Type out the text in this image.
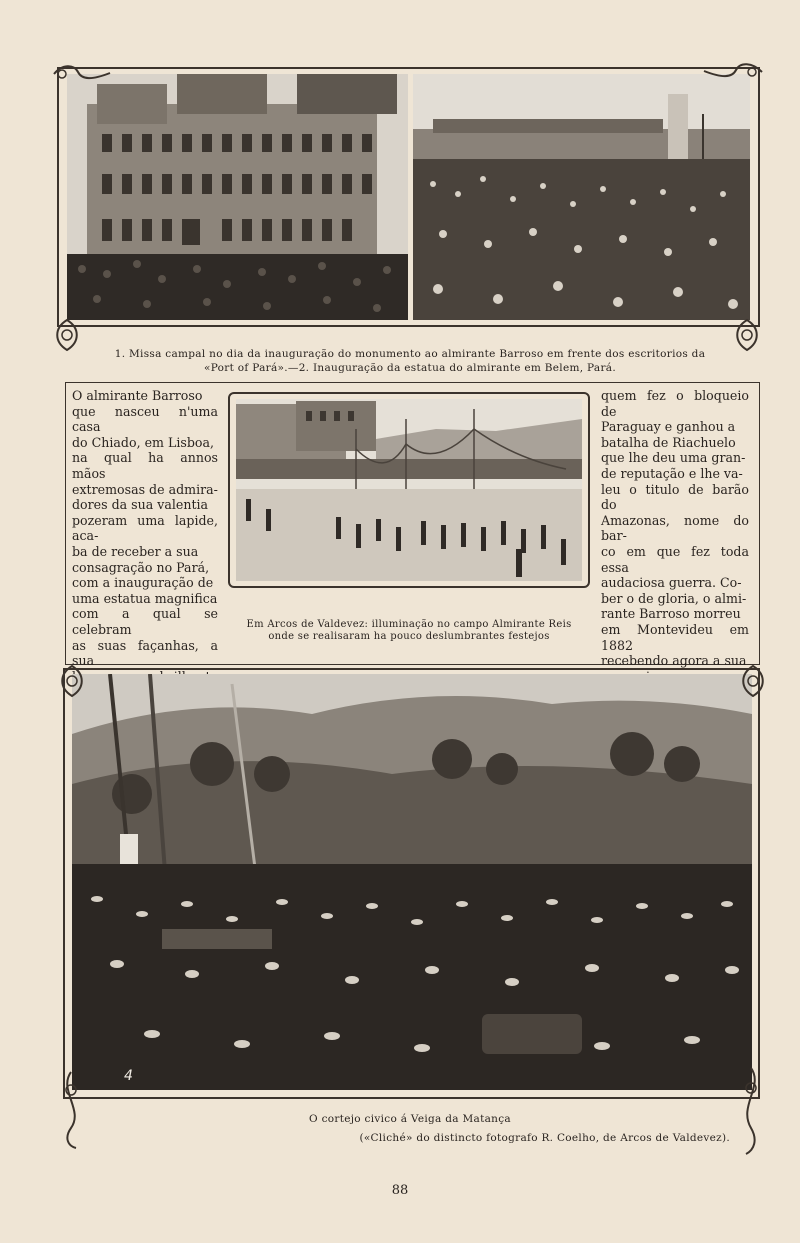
1. Missa campal no dia da inauguração do monumento ao almirante Barroso em frente dos escritorios da
«Port of Pará».—2. Inauguração da estatua do almirante em Belem, Pará.
O almirante Barroso
que nasceu n'uma casa
do Chiado, em Lisboa,
na qual ha annos mãos
extremosas de admira-
dores da sua valentia
pozeram uma lapide, aca-
ba de receber a sua
consagração no Pará,
com a inauguração de
uma estatua magnifica
com a qual se celebram
as suas façanhas, a sua

Em Arcos de Valdevez: illuminação no campo Almirante Reis
onde se realisaram ha pouco deslumbrantes festejos
quem fez o bloqueio de
Paraguay e ganhou a
batalha de Riachuelo
que lhe deu uma gran-
de reputação e lhe va-
leu o titulo de barão do
Amazonas, nome do bar-
co em que fez toda essa
audaciosa guerra. Co-
ber o de gloria, o almi-
rante Barroso morreu
em Montevideu em 1882
recebendo agora a sua

4
O cortejo civico á Veiga da Matança
(«Cliché» do distincto fotografo R. Coelho, de Arcos de Valdevez).
88
